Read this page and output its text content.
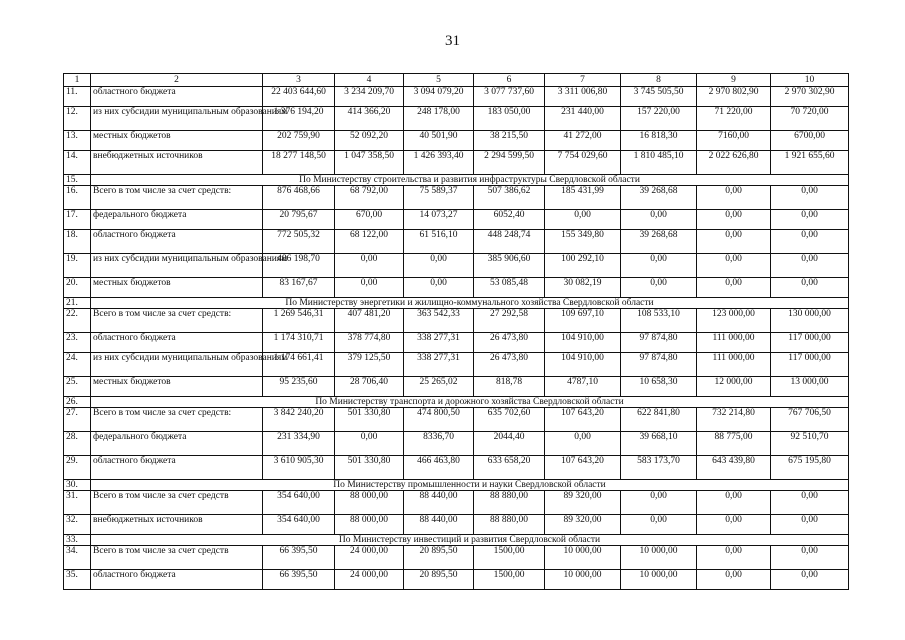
31
1	2	3	4	5	6	7	8	9	10
11.	областного бюджета	22 403 644,60	3 234 209,70	3 094 079,20	3 077 737,60	3 311 006,80	3 745 505,50	2 970 802,90	2 970 302,90
12.	из них субсидии муниципальным образованиям	1 376 194,20	414 366,20	248 178,00	183 050,00	231 440,00	157 220,00	71 220,00	70 720,00
13.	местных бюджетов	202 759,90	52 092,20	40 501,90	38 215,50	41 272,00	16 818,30	7160,00	6700,00
14.	внебюджетных источников	18 277 148,50	1 047 358,50	1 426 393,40	2 294 599,50	7 754 029,60	1 810 485,10	2 022 626,80	1 921 655,60
15.	По Министерству строительства и развития инфраструктуры Свердловской области								
16.	Всего в том числе за счет средств:	876 468,66	68 792,00	75 589,37	507 386,62	185 431,99	39 268,68	0,00	0,00
17.	федерального бюджета	20 795,67	670,00	14 073,27	6052,40	0,00	0,00	0,00	0,00
18.	областного бюджета	772 505,32	68 122,00	61 516,10	448 248,74	155 349,80	39 268,68	0,00	0,00
19.	из них субсидии муниципальным образованиям	486 198,70	0,00	0,00	385 906,60	100 292,10	0,00	0,00	0,00
20.	местных бюджетов	83 167,67	0,00	0,00	53 085,48	30 082,19	0,00	0,00	0,00
21.	По Министерству энергетики и жилищно-коммунального хозяйства Свердловской области								
22.	Всего в том числе за счет средств:	1 269 546,31	407 481,20	363 542,33	27 292,58	109 697,10	108 533,10	123 000,00	130 000,00
23.	областного бюджета	1 174 310,71	378 774,80	338 277,31	26 473,80	104 910,00	97 874,80	111 000,00	117 000,00
24.	из них субсидии муниципальным образованиям	1 174 661,41	379 125,50	338 277,31	26 473,80	104 910,00	97 874,80	111 000,00	117 000,00
25.	местных бюджетов	95 235,60	28 706,40	25 265,02	818,78	4787,10	10 658,30	12 000,00	13 000,00
26.	По Министерству транспорта и дорожного хозяйства Свердловской области								
27.	Всего в том числе за счет средств:	3 842 240,20	501 330,80	474 800,50	635 702,60	107 643,20	622 841,80	732 214,80	767 706,50
28.	федерального бюджета	231 334,90	0,00	8336,70	2044,40	0,00	39 668,10	88 775,00	92 510,70
29.	областного бюджета	3 610 905,30	501 330,80	466 463,80	633 658,20	107 643,20	583 173,70	643 439,80	675 195,80
30.	По Министерству промышленности и науки Свердловской области								
31.	Всего в том числе за счет средств	354 640,00	88 000,00	88 440,00	88 880,00	89 320,00	0,00	0,00	0,00
32.	внебюджетных источников	354 640,00	88 000,00	88 440,00	88 880,00	89 320,00	0,00	0,00	0,00
33.	По Министерству инвестиций и развития Свердловской области								
34.	Всего в том числе за счет средств	66 395,50	24 000,00	20 895,50	1500,00	10 000,00	10 000,00	0,00	0,00
35.	областного бюджета	66 395,50	24 000,00	20 895,50	1500,00	10 000,00	10 000,00	0,00	0,00
